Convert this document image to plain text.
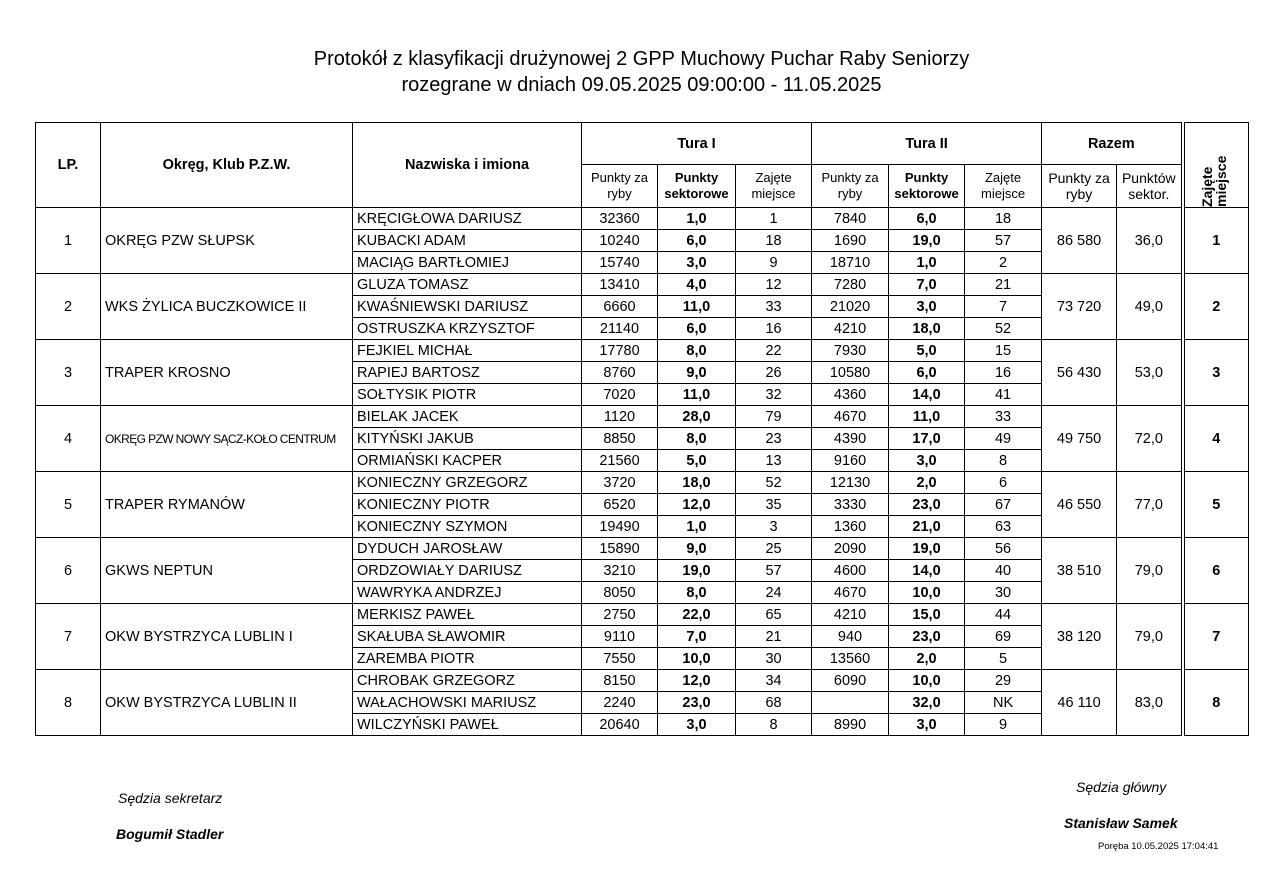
Protokół z klasyfikacji drużynowej 2 GPP Muchowy Puchar Raby Seniorzy
rozegrane w dniach 09.05.2025 09:00:00 - 11.05.2025
LP.	Okręg, Klub P.Z.W.	Nazwiska i imiona	Tura I			Tura II			Razem		Zajęte miejsce

			Punkty za ryby	Punkty sektorowe	Zajęte miejsce	Punkty za ryby	Punkty sektorowe	Zajęte miejsce	Punkty za ryby	Punktów sektor.	
1	OKRĘG PZW SŁUPSK	KRĘCIGŁOWA DARIUSZ	32360	1,0	1	7840	6,0	18	86 580	36,0	1
		KUBACKI ADAM	10240	6,0	18	1690	19,0	57			
		MACIĄG BARTŁOMIEJ	15740	3,0	9	18710	1,0	2			
2	WKS ŻYLICA BUCZKOWICE II	GLUZA TOMASZ	13410	4,0	12	7280	7,0	21	73 720	49,0	2
		KWAŚNIEWSKI DARIUSZ	6660	11,0	33	21020	3,0	7			
		OSTRUSZKA KRZYSZTOF	21140	6,0	16	4210	18,0	52			
3	TRAPER KROSNO	FEJKIEL MICHAŁ	17780	8,0	22	7930	5,0	15	56 430	53,0	3
		RAPIEJ BARTOSZ	8760	9,0	26	10580	6,0	16			
		SOŁTYSIK PIOTR	7020	11,0	32	4360	14,0	41			
4	OKRĘG PZW NOWY SĄCZ-KOŁO CENTRUM	BIELAK JACEK	1120	28,0	79	4670	11,0	33	49 750	72,0	4
		KITYŃSKI JAKUB	8850	8,0	23	4390	17,0	49			
		ORMIAŃSKI KACPER	21560	5,0	13	9160	3,0	8			
5	TRAPER RYMANÓW	KONIECZNY GRZEGORZ	3720	18,0	52	12130	2,0	6	46 550	77,0	5
		KONIECZNY PIOTR	6520	12,0	35	3330	23,0	67			
		KONIECZNY SZYMON	19490	1,0	3	1360	21,0	63			
6	GKWS NEPTUN	DYDUCH JAROSŁAW	15890	9,0	25	2090	19,0	56	38 510	79,0	6
		ORDZOWIAŁY DARIUSZ	3210	19,0	57	4600	14,0	40			
		WAWRYKA ANDRZEJ	8050	8,0	24	4670	10,0	30			
7	OKW BYSTRZYCA LUBLIN I	MERKISZ PAWEŁ	2750	22,0	65	4210	15,0	44	38 120	79,0	7
		SKAŁUBA SŁAWOMIR	9110	7,0	21	940	23,0	69			
		ZAREMBA PIOTR	7550	10,0	30	13560	2,0	5			
8	OKW BYSTRZYCA LUBLIN II	CHROBAK GRZEGORZ	8150	12,0	34	6090	10,0	29	46 110	83,0	8
		WAŁACHOWSKI MARIUSZ	2240	23,0	68		32,0	NK			
		WILCZYŃSKI PAWEŁ	20640	3,0	8	8990	3,0	9			
Sędzia sekretarz
Bogumił Stadler
Sędzia główny
Stanisław Samek
Poręba 10.05.2025 17:04:41
